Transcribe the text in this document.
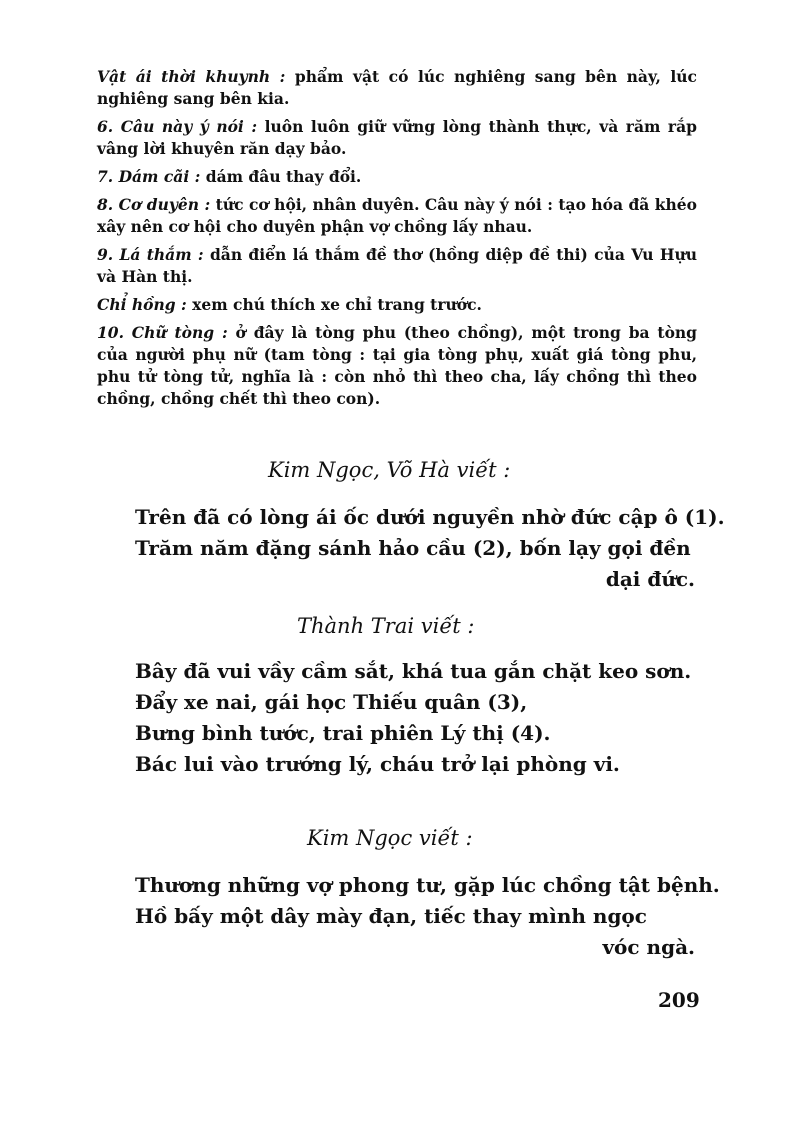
Vật ái thời khuynh : phẩm vật có lúc nghiêng sang bên này, lúc nghiêng sang bên kia.

6. Câu này ý nói : luôn luôn giữ vững lòng thành thực, và răm rắp vâng lời khuyên răn dạy bảo.

7. Dám cãi : dám đâu thay đổi.

8. Cơ duyên : tức cơ hội, nhân duyên. Câu này ý nói : tạo hóa đã khéo xây nên cơ hội cho duyên phận vợ chồng lấy nhau.

9. Lá thắm : dẫn điển lá thắm đề thơ (hồng diệp đề thi) của Vu Hựu và Hàn thị.

Chỉ hồng : xem chú thích xe chỉ trang trước.

10. Chữ tòng : ở đây là tòng phu (theo chồng), một trong ba tòng của người phụ nữ (tam tòng : tại gia tòng phụ, xuất giá tòng phu, phu tử tòng tử, nghĩa là : còn nhỏ thì theo cha, lấy chồng thì theo chồng, chồng chết thì theo con).

Kim Ngọc, Võ Hà viết :

Trên đã có lòng ái ốc dưới nguyền nhờ đức cập ô (1).

Trăm năm đặng sánh hảo cầu (2), bốn lạy gọi đền

dại đức.

Thành Trai viết :

Bây đã vui vầy cầm sắt, khá tua gắn chặt keo sơn.

Đẩy xe nai, gái học Thiếu quân (3),

Bưng bình tước, trai phiên Lý thị (4).

Bác lui vào trướng lý, cháu trở lại phòng vi.

Kim Ngọc viết :

Thương những vợ phong tư, gặp lúc chồng tật bệnh.

Hồ bấy một dây mày đạn, tiếc thay mình ngọc

vóc ngà.

209
